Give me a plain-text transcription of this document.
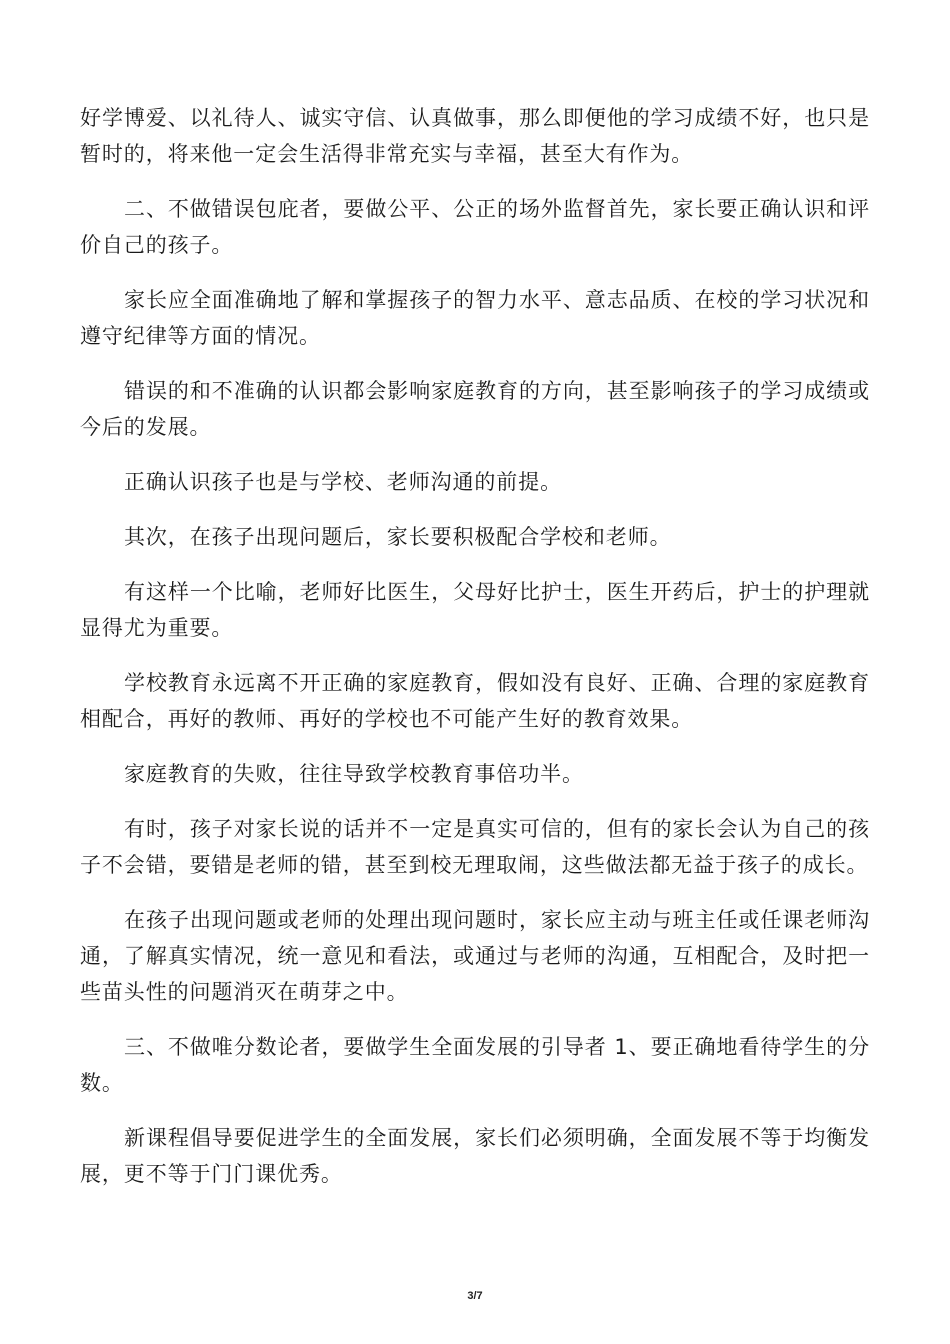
好学博爱、以礼待人、诚实守信、认真做事，那么即便他的学习成绩不好，也只是暂时的，将来他一定会生活得非常充实与幸福，甚至大有作为。

二、不做错误包庇者，要做公平、公正的场外监督首先，家长要正确认识和评价自己的孩子。

家长应全面准确地了解和掌握孩子的智力水平、意志品质、在校的学习状况和遵守纪律等方面的情况。

错误的和不准确的认识都会影响家庭教育的方向，甚至影响孩子的学习成绩或今后的发展。

正确认识孩子也是与学校、老师沟通的前提。

其次，在孩子出现问题后，家长要积极配合学校和老师。

有这样一个比喻，老师好比医生，父母好比护士，医生开药后，护士的护理就显得尤为重要。

学校教育永远离不开正确的家庭教育，假如没有良好、正确、合理的家庭教育相配合，再好的教师、再好的学校也不可能产生好的教育效果。

家庭教育的失败，往往导致学校教育事倍功半。

有时，孩子对家长说的话并不一定是真实可信的，但有的家长会认为自己的孩子不会错，要错是老师的错，甚至到校无理取闹，这些做法都无益于孩子的成长。

在孩子出现问题或老师的处理出现问题时，家长应主动与班主任或任课老师沟通，了解真实情况，统一意见和看法，或通过与老师的沟通，互相配合，及时把一些苗头性的问题消灭在萌芽之中。

三、不做唯分数论者，要做学生全面发展的引导者 1、要正确地看待学生的分数。

新课程倡导要促进学生的全面发展，家长们必须明确，全面发展不等于均衡发展，更不等于门门课优秀。

3/7
